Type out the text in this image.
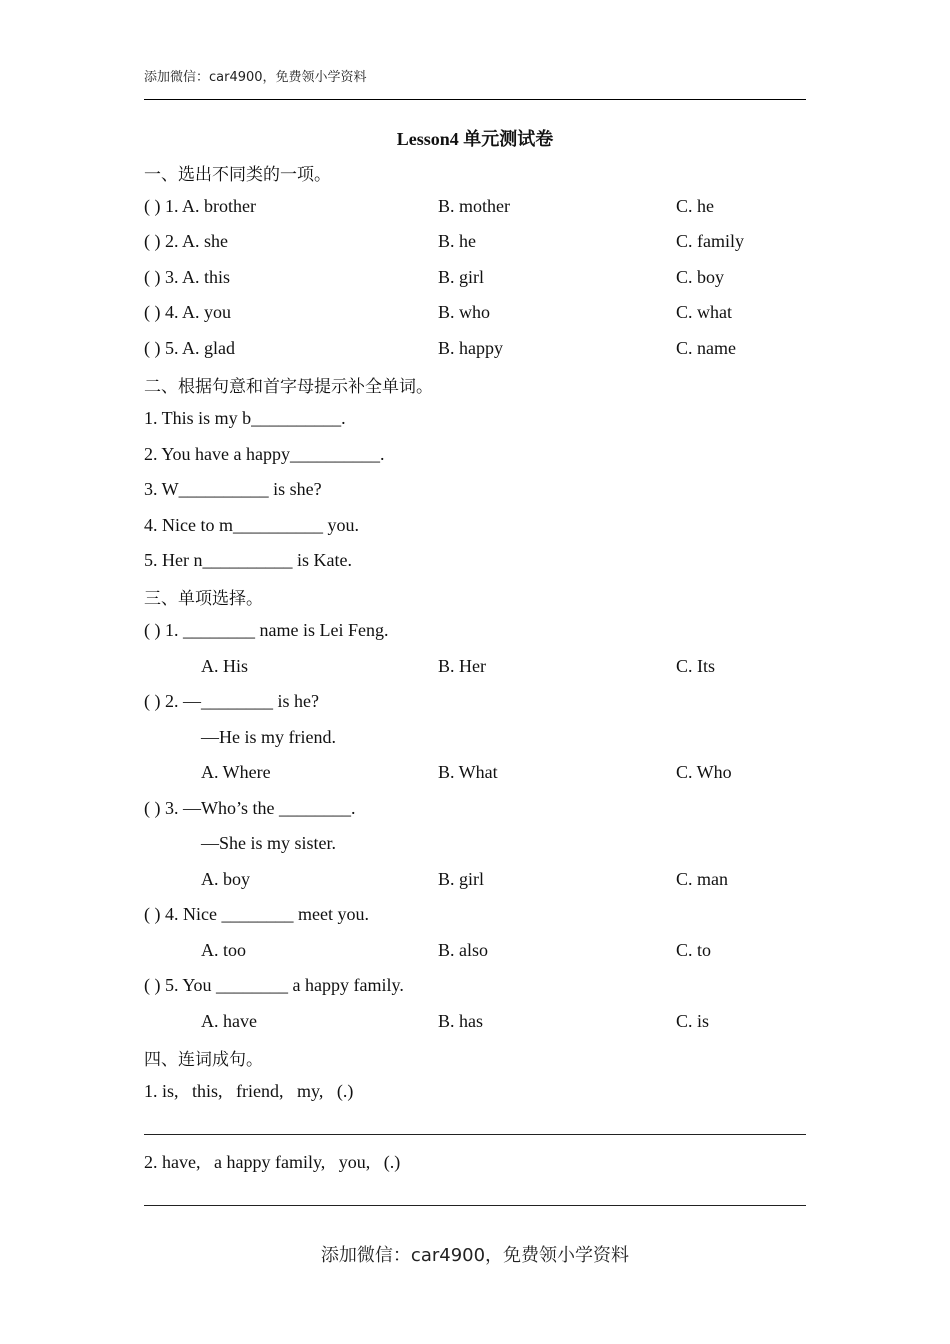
添加微信：car4900，免费领小学资料
Lesson4 单元测试卷
一、选出不同类的一项。
( ) 1. A. brother	B. mother	C. he
( ) 2. A. she	B. he	C. family
( ) 3. A. this	B. girl	C. boy
( ) 4. A. you	B. who	C. what
( ) 5. A. glad	B. happy	C. name
二、根据句意和首字母提示补全单词。
1. This is my b__________.
2. You have a happy__________.
3. W__________ is she?
4. Nice to m__________ you.
5. Her n__________ is Kate.
三、单项选择。
( ) 1. ________ name is Lei Feng.
A. His	B. Her	C. Its
( ) 2. —________ is he?
—He is my friend.
A. Where	B. What	C. Who
( ) 3. —Who’s the ________.
—She is my sister.
A. boy	B. girl	C. man
( ) 4. Nice ________ meet you.
A. too	B. also	C. to
( ) 5. You ________ a happy family.
A. have	B. has	C. is
四、连词成句。
1. is,   this,   friend,   my,   (.)
2. have,   a happy family,   you,   (.)
添加微信：car4900，免费领小学资料
